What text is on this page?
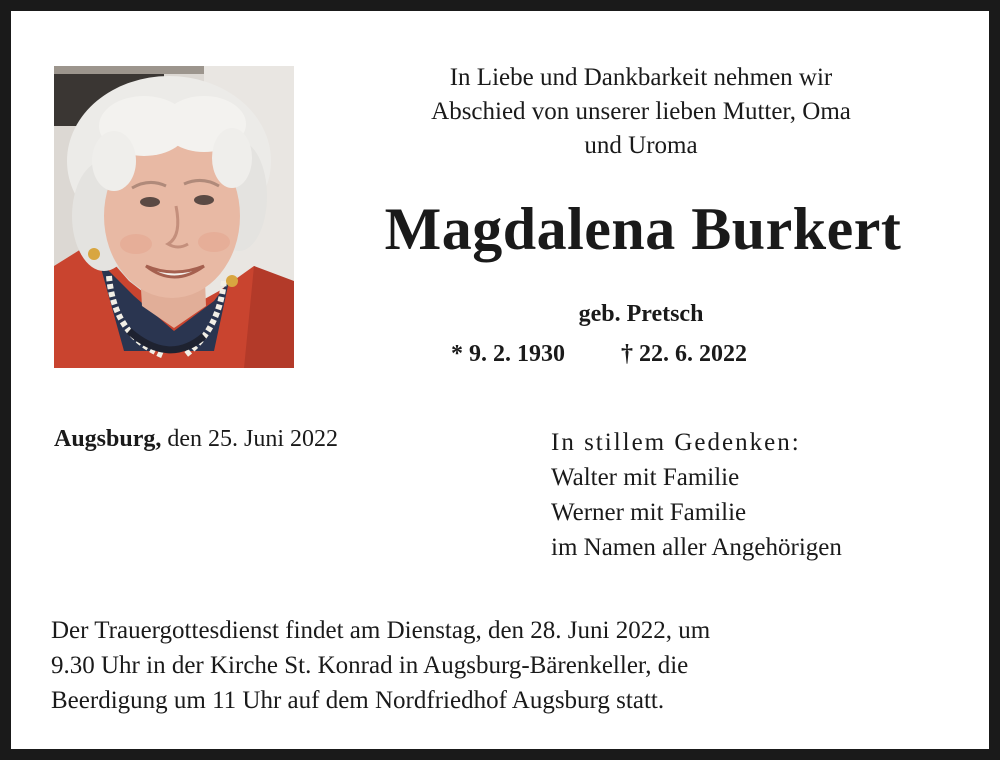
In Liebe und Dankbarkeit nehmen wir
Abschied von unserer lieben Mutter, Oma
und Uroma
Magdalena Burkert
geb. Pretsch
* 9. 2. 1930 † 22. 6. 2022
Augsburg, den 25. Juni 2022	In stillem Gedenken:
Walter mit Familie
Werner mit Familie
im Namen aller Angehörigen
Der Trauergottesdienst findet am Dienstag, den 28. Juni 2022, um
9.30 Uhr in der Kirche St. Konrad in Augsburg-Bärenkeller, die
Beerdigung um 11 Uhr auf dem Nordfriedhof Augsburg statt.
